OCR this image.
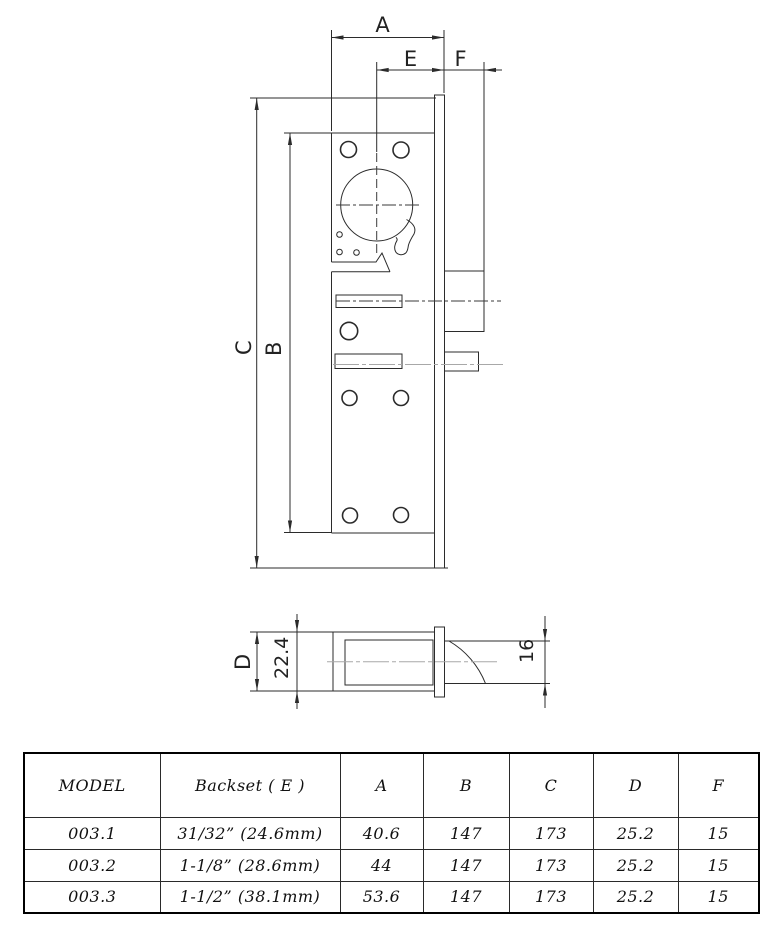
A
E F
C B
D 22.4	16
MODEL	Backset ( E )	A	B	C	D	F
003.1	31/32” (24.6mm)	40.6	147	173	25.2	15
003.2	1-1/8” (28.6mm)	44	147	173	25.2	15
003.3	1-1/2” (38.1mm)	53.6	147	173	25.2	15
